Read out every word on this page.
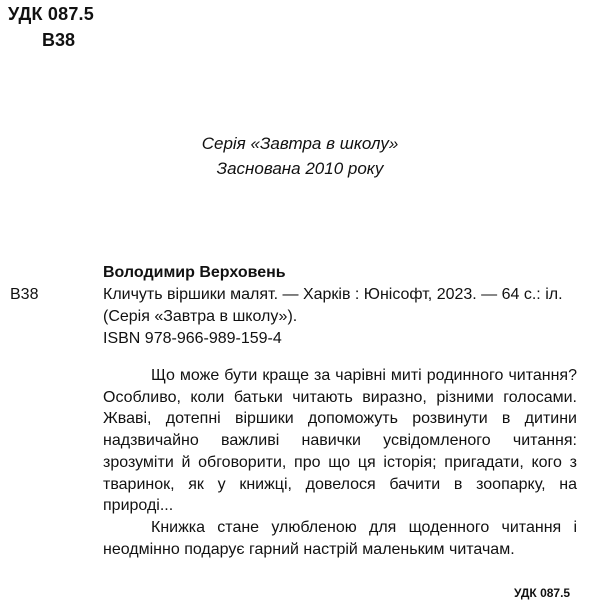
УДК 087.5
В38
Серія «Завтра в школу»
Заснована 2010 року
В38
Володимир Верховень
Кличуть віршики малят. — Харків : Юнісофт, 2023. — 64 с.: іл.
(Серія «Завтра в школу»).
ISBN 978-966-989-159-4

Що може бути краще за чарівні миті родинного читання? Особливо, коли батьки читають виразно, різними голосами. Жваві, дотепні віршики допоможуть розвинути в дитини надзвичайно важливі навички усвідомленого читання: зрозуміти й обговорити, про що ця історія; пригадати, кого з тваринок, як у книжці, довелося бачити в зоопарку, на природі...

Книжка стане улюбленою для щоденного читання і неодмінно подарує гарний настрій маленьким читачам.

УДК 087.5
